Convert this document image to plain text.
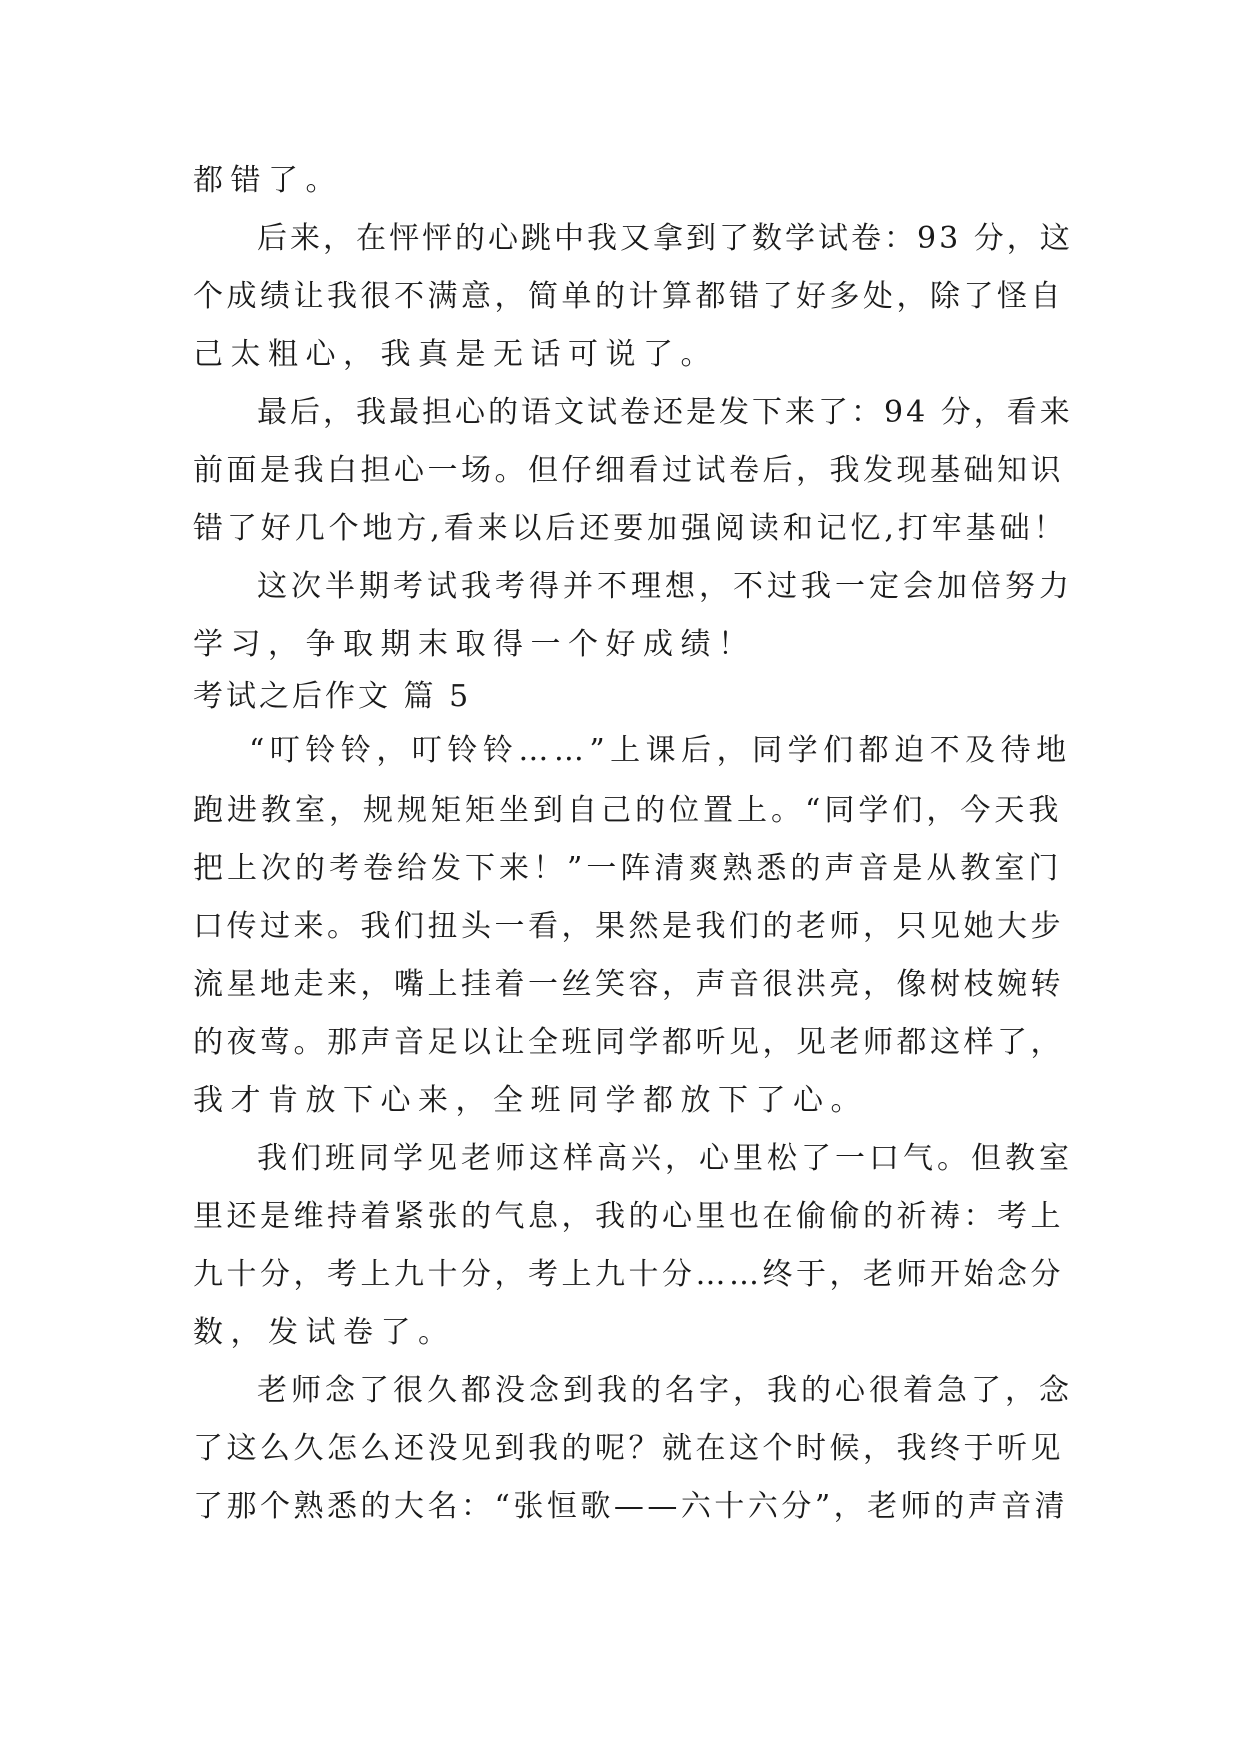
都错了。
后来，在怦怦的心跳中我又拿到了数学试卷：93 分，这
个成绩让我很不满意，简单的计算都错了好多处，除了怪自
己太粗心，我真是无话可说了。
最后，我最担心的语文试卷还是发下来了：94 分，看来
前面是我白担心一场。但仔细看过试卷后，我发现基础知识
错了好几个地方,看来以后还要加强阅读和记忆,打牢基础！
这次半期考试我考得并不理想，不过我一定会加倍努力
学习，争取期末取得一个好成绩！
考试之后作文 篇 5
“叮铃铃，叮铃铃……”上课后，同学们都迫不及待地
跑进教室，规规矩矩坐到自己的位置上。“同学们，今天我
把上次的考卷给发下来！”一阵清爽熟悉的声音是从教室门
口传过来。我们扭头一看，果然是我们的老师，只见她大步
流星地走来，嘴上挂着一丝笑容，声音很洪亮，像树枝婉转
的夜莺。那声音足以让全班同学都听见，见老师都这样了，
我才肯放下心来，全班同学都放下了心。
我们班同学见老师这样高兴，心里松了一口气。但教室
里还是维持着紧张的气息，我的心里也在偷偷的祈祷：考上
九十分，考上九十分，考上九十分……终于，老师开始念分
数，发试卷了。
老师念了很久都没念到我的名字，我的心很着急了，念
了这么久怎么还没见到我的呢？就在这个时候，我终于听见
了那个熟悉的大名：“张恒歌——六十六分”，老师的声音清
